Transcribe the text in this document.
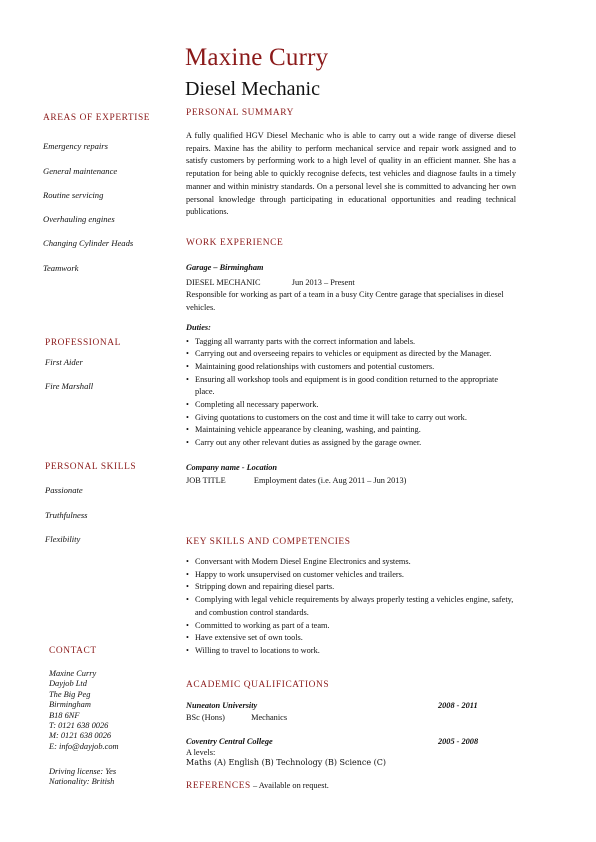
Maxine Curry
Diesel Mechanic
AREAS OF EXPERTISE
Emergency repairs
General maintenance
Routine servicing
Overhauling engines
Changing Cylinder Heads
Teamwork
PROFESSIONAL
First Aider
Fire Marshall
PERSONAL SKILLS
Passionate
Truthfulness
Flexibility
CONTACT
Maxine Curry
Dayjob Ltd
The Big Peg
Birmingham
B18 6NF
T: 0121 638 0026
M: 0121 638 0026
E: info@dayjob.com
Driving license: Yes
Nationality: British
PERSONAL SUMMARY

A fully qualified HGV Diesel Mechanic who is able to carry out a wide range of diverse diesel repairs. Maxine has the ability to perform mechanical service and repair work assigned and to satisfy customers by performing work to a high level of quality in an efficient manner. She has a reputation for being able to quickly recognise defects, test vehicles and diagnose faults in a timely manner and within ministry standards. On a personal level she is committed to advancing her own personal knowledge through participating in educational opportunities and reading technical publications.

WORK EXPERIENCE
Garage – Birmingham
DIESEL MECHANIC	Jun 2013 – Present
Responsible for working as part of a team in a busy City Centre garage that specialises in diesel vehicles.
Duties:
• Tagging all warranty parts with the correct information and labels.
• Carrying out and overseeing repairs to vehicles or equipment as directed by the Manager.
• Maintaining good relationships with customers and potential customers.
• Ensuring all workshop tools and equipment is in good condition returned to the appropriate place.
• Completing all necessary paperwork.
• Giving quotations to customers on the cost and time it will take to carry out work.
• Maintaining vehicle appearance by cleaning, washing, and painting.
• Carry out any other relevant duties as assigned by the garage owner.
Company name - Location
JOB TITLE	Employment dates (i.e. Aug 2011 – Jun 2013)
KEY SKILLS AND COMPETENCIES
• Conversant with Modern Diesel Engine Electronics and systems.
• Happy to work unsupervised on customer vehicles and trailers.
• Stripping down and repairing diesel parts.
• Complying with legal vehicle requirements by always properly testing a vehicles engine, safety, and combustion control standards.
• Committed to working as part of a team.
• Have extensive set of own tools.
• Willing to travel to locations to work.
ACADEMIC QUALIFICATIONS
Nuneaton University	2008 - 2011
BSc (Hons)	Mechanics
Coventry Central College	2005 - 2008
A levels:
Maths (A) English (B) Technology (B) Science (C)
REFERENCES – Available on request.
